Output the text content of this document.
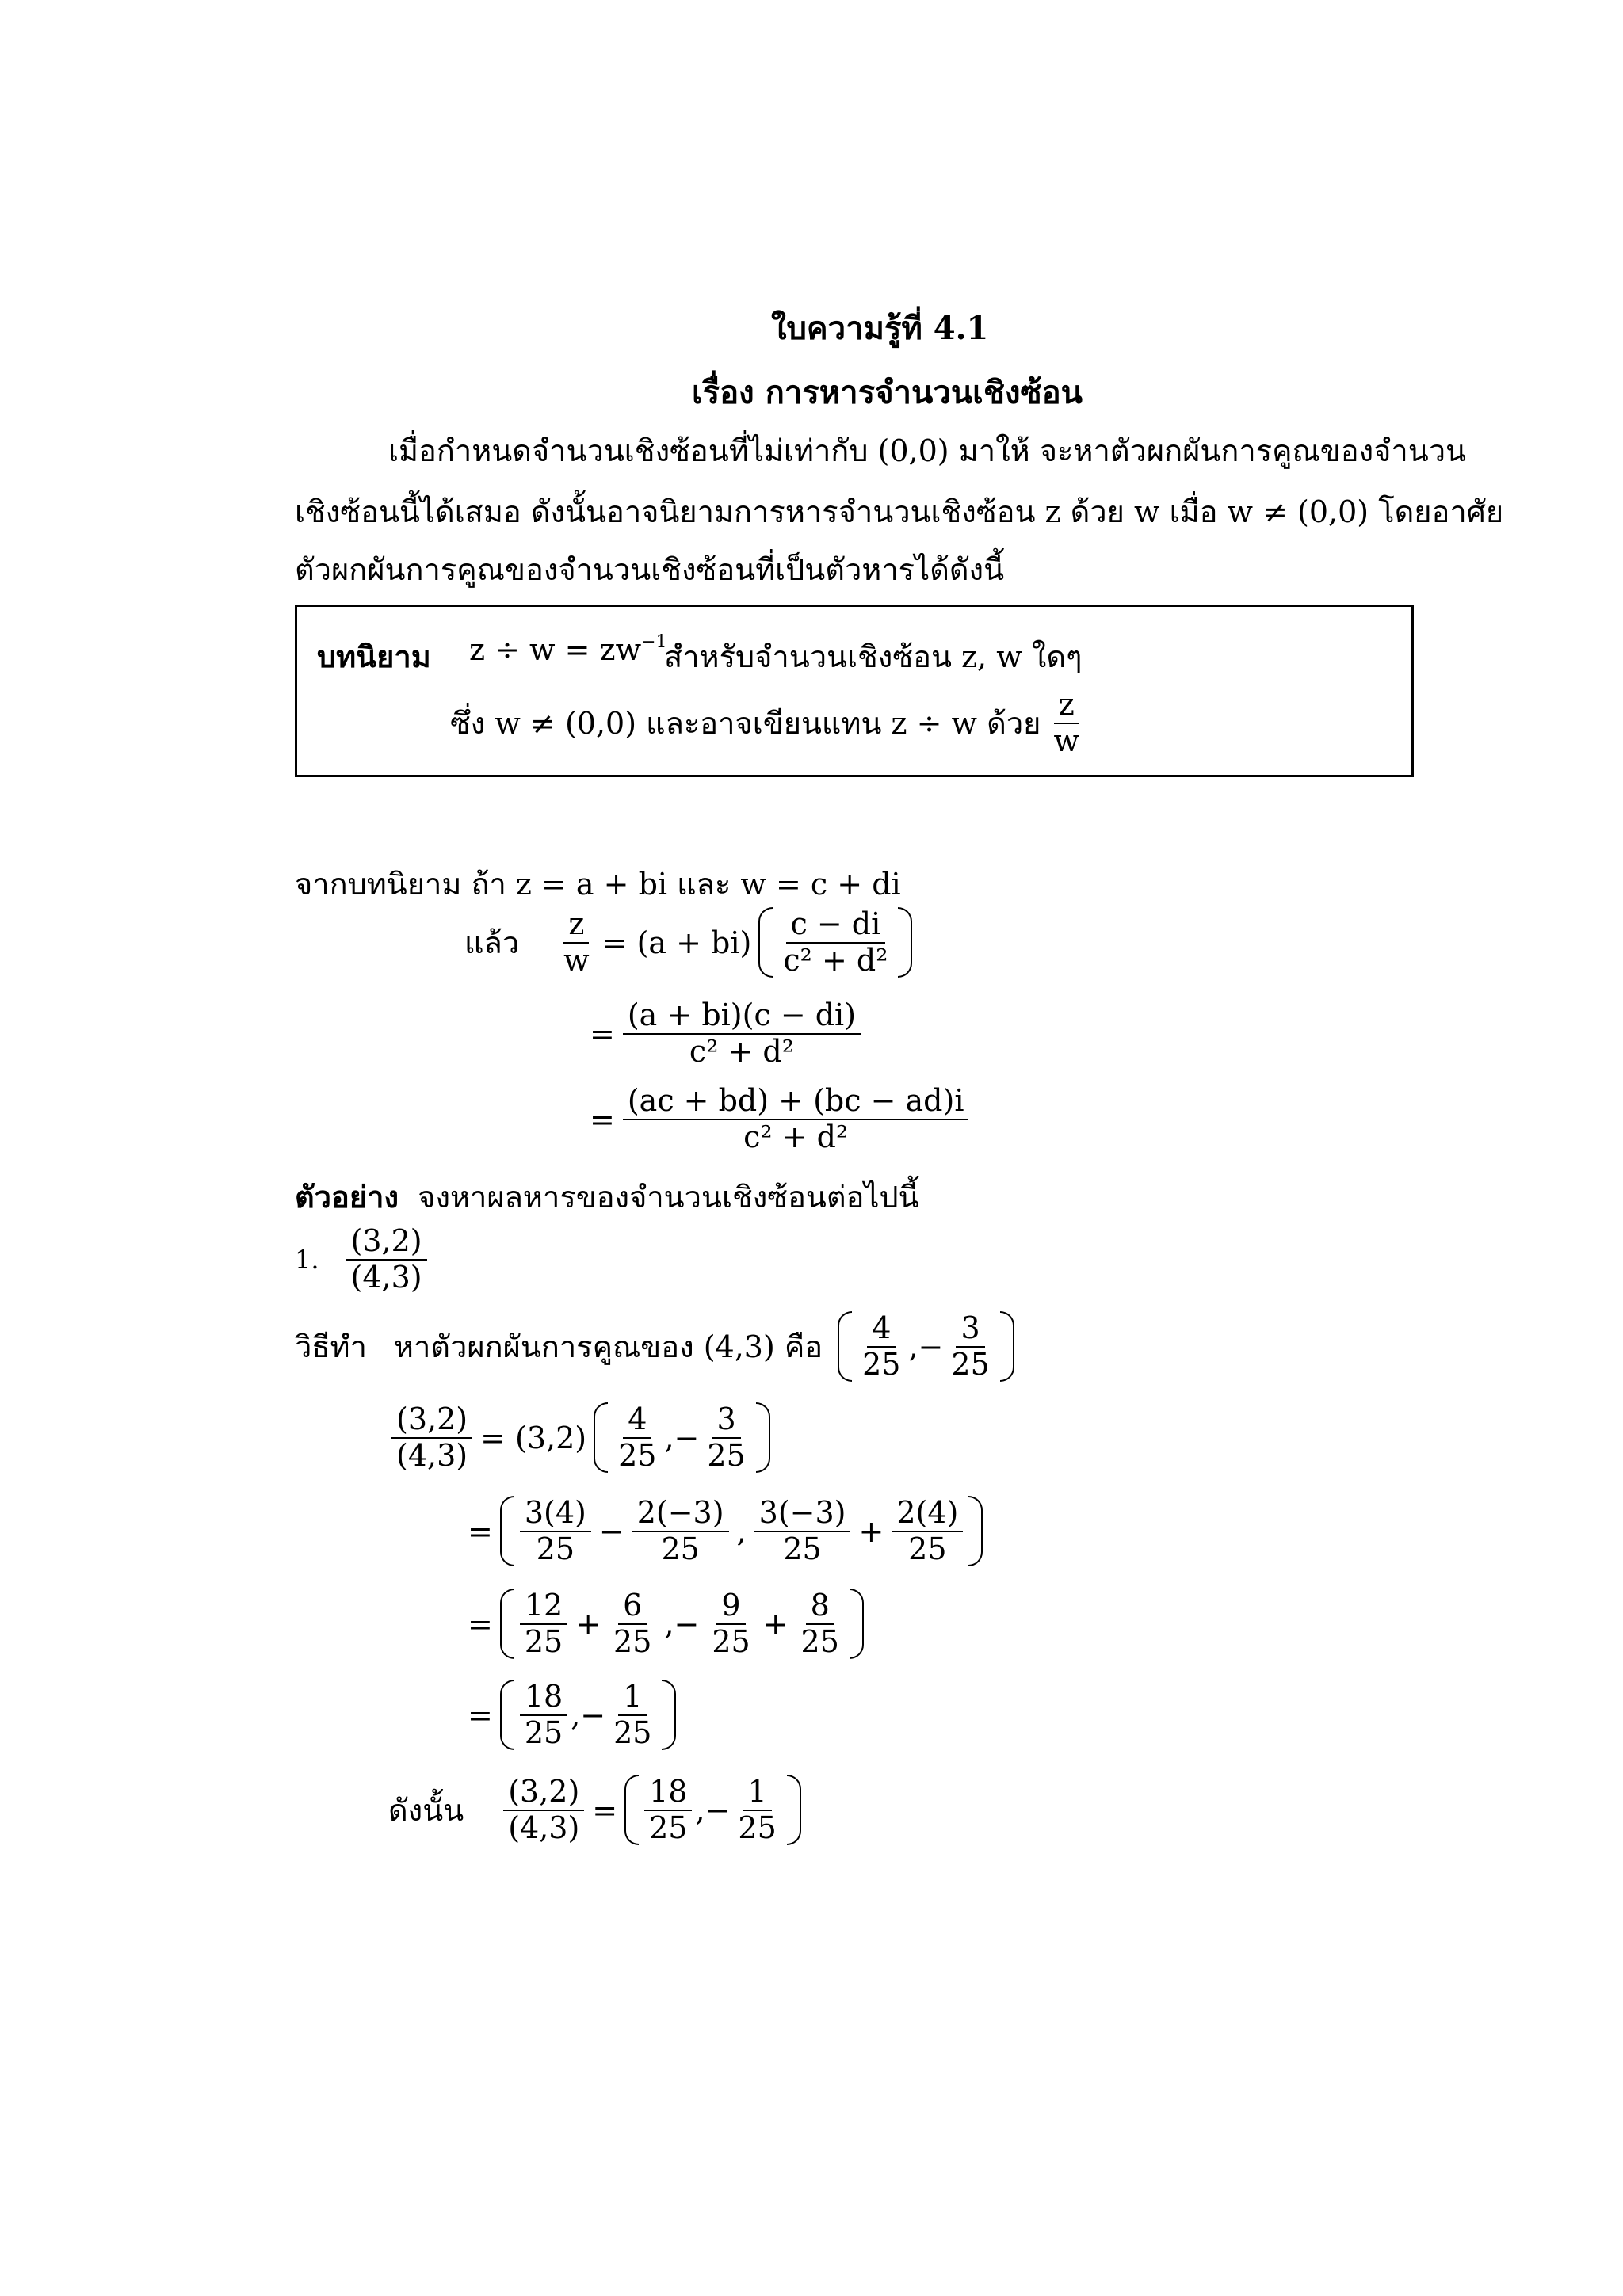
ใบความรู้ที่ 4.1
เรื่อง การหารจำนวนเชิงซ้อน
เมื่อกำหนดจำนวนเชิงซ้อนที่ไม่เท่ากับ (0,0) มาให้ จะหาตัวผกผันการคูณของจำนวน
เชิงซ้อนนี้ได้เสมอ ดังนั้นอาจนิยามการหารจำนวนเชิงซ้อน z ด้วย w เมื่อ w ≠ (0,0) โดยอาศัย
ตัวผกผันการคูณของจำนวนเชิงซ้อนที่เป็นตัวหารได้ดังนี้
บทนิยาม $z \div w = zw^{-1}$
สำหรับจำนวนเชิงซ้อน z, w ใดๆ
ซึ่ง w ≠ (0,0) และอาจเขียนแทน z ÷ w ด้วย $\frac{z}{w}$
จากบทนิยาม ถ้า z = a + bi และ w = c + di
แล้ว $\frac{z}{w} = (a + bi) \frac{c - di}{\text{c² + d²}}$
= $\frac{(a + bi)(c - di)}{\text{c² + d²}}$
= $\frac{(ac + bd) + (bc - ad)i}{\text{c² + d²}}$
ตัวอย่าง จงหาผลหารของจำนวนเชิงซ้อนต่อไปนี้
1. $\frac{(3,2)}{(4,3)}$
วิธีทำ หาตัวผกผันการคูณของ (4,3) คือ $\frac{4}{25}$ ,− $\frac{3}{25}$
$\frac{(3,2)}{(4,3)} = (3,2) \frac{4}{25}$ ,− $\frac{3}{25}$
= $\frac{3(4)}{25} - \frac{2(-3)}{25}$ , $\frac{3(-3)}{25} + \frac{2(4)}{25}$
= $\frac{12}{25} + \frac{6}{25}$ ,− $\frac{9}{25} + \frac{8}{25}$
= $\frac{18}{25}$ ,− $\frac{1}{25}$
ดังนั้น $\frac{(3,2)}{(4,3)} = \frac{18}{25}$ ,− $\frac{1}{25}$
